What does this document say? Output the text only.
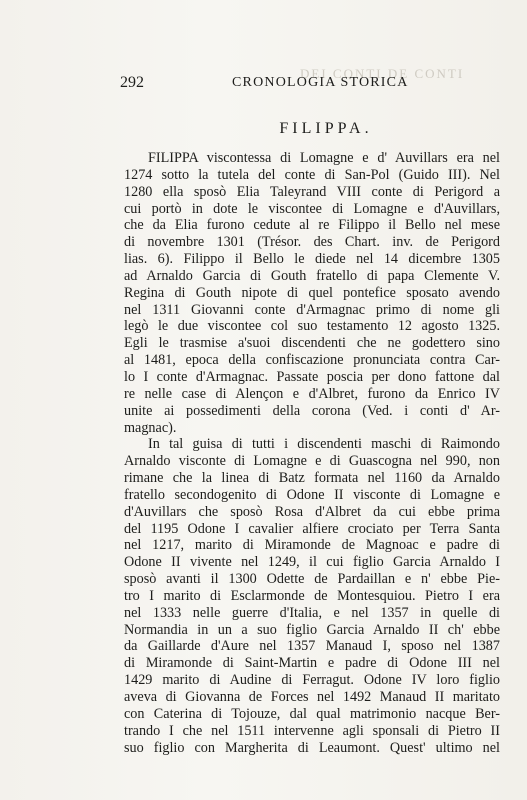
DEI CONTI DE CONTI
292	CRONOLOGIA STORICA
FILIPPA.
FILIPPA viscontessa di Lomagne e d' Auvillars era nel
1274 sotto la tutela del conte di San-Pol (Guido III). Nel
1280 ella sposò Elia Taleyrand VIII conte di Perigord a
cui portò in dote le viscontee di Lomagne e d'Auvillars,
che da Elia furono cedute al re Filippo il Bello nel mese
di novembre 1301 (Trésor. des Chart. inv. de Perigord
lias. 6). Filippo il Bello le diede nel 14 dicembre 1305
ad Arnaldo Garcia di Gouth fratello di papa Clemente V.
Regina di Gouth nipote di quel pontefice sposato avendo
nel 1311 Giovanni conte d'Armagnac primo di nome gli
legò le due viscontee col suo testamento 12 agosto 1325.
Egli le trasmise a'suoi discendenti che ne godettero sino
al 1481, epoca della confiscazione pronunciata contra Car-
lo I conte d'Armagnac. Passate poscia per dono fattone dal
re nelle case di Alençon e d'Albret, furono da Enrico IV
unite ai possedimenti della corona (Ved. i conti d' Ar-
magnac).
In tal guisa di tutti i discendenti maschi di Raimondo
Arnaldo visconte di Lomagne e di Guascogna nel 990, non
rimane che la linea di Batz formata nel 1160 da Arnaldo
fratello secondogenito di Odone II visconte di Lomagne e
d'Auvillars che sposò Rosa d'Albret da cui ebbe prima
del 1195 Odone I cavalier alfiere crociato per Terra Santa
nel 1217, marito di Miramonde de Magnoac e padre di
Odone II vivente nel 1249, il cui figlio Garcia Arnaldo I
sposò avanti il 1300 Odette de Pardaillan e n' ebbe Pie-
tro I marito di Esclarmonde de Montesquiou. Pietro I era
nel 1333 nelle guerre d'Italia, e nel 1357 in quelle di
Normandia in un a suo figlio Garcia Arnaldo II ch' ebbe
da Gaillarde d'Aure nel 1357 Manaud I, sposo nel 1387
di Miramonde di Saint-Martin e padre di Odone III nel
1429 marito di Audine di Ferragut. Odone IV loro figlio
aveva di Giovanna de Forces nel 1492 Manaud II maritato
con Caterina di Tojouze, dal qual matrimonio nacque Ber-
trando I che nel 1511 intervenne agli sponsali di Pietro II
suo figlio con Margherita di Leaumont. Quest' ultimo nel
